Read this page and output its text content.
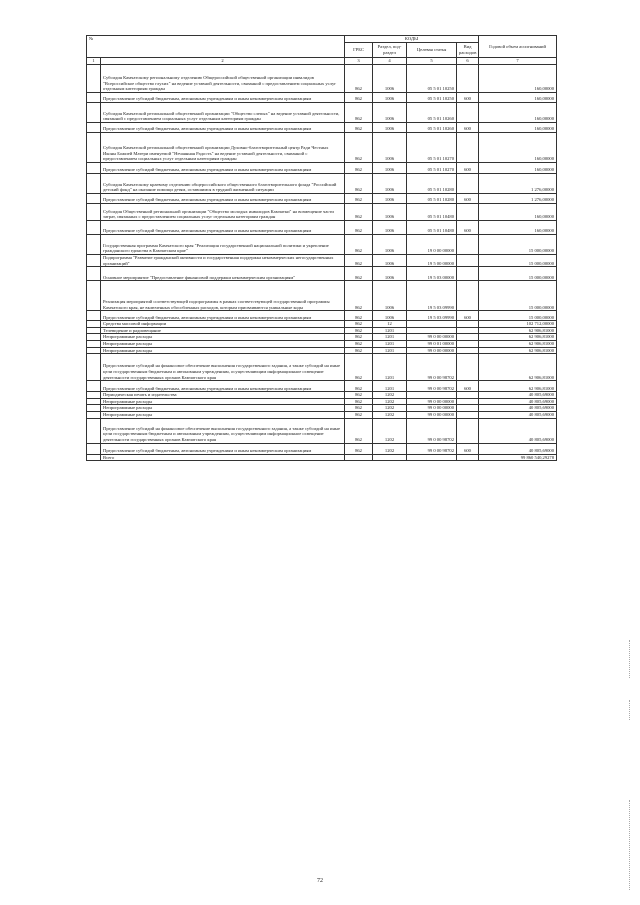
№		КОДЫ				Годовой объем ассигнований
		ГРБС	Раздел, под-раздел	Целевая статья	Вид расходов	
1	2	3	4	5	6	7
	Субсидия Камчатскому региональному отделению Общероссийской общественной организации инвалидов "Всероссийское общество глухих" на ведение уставной деятельности, связанной с предоставлением социальных услуг отдельным категориям граждан	862	1006	05 5 01 10250		160,00000
	Предоставление субсидий бюджетным, автономным учреждениям и иным некоммерческим организациям	862	1006	05 5 01 10250	600	160,00000
	Субсидия Камчатской региональной общественной организации "Общество слепых" на ведение уставной деятельности, связанной с предоставлением социальных услуг отдельным категориям граждан	862	1006	05 5 01 10260		160,00000
	Предоставление субсидий бюджетным, автономным учреждениям и иным некоммерческим организациям	862	1006	05 5 01 10260	600	160,00000
	Субсидия Камчатской региональной общественной организации Духовно-благотворительный центр Ради Честных Иконы Божией Матери именуемой "Нечаянная Радость" на ведение уставной деятельности, связанной с предоставлением социальных услуг отдельным категориям граждан	862	1006	05 5 01 10270		160,00000
	Предоставление субсидий бюджетным, автономным учреждениям и иным некоммерческим организациям	862	1006	05 5 01 10270	600	160,00000
	Субсидия Камчатскому краевому отделению общероссийского общественного благотворительного фонда "Российский детский фонд" на оказание помощи детям, оставшимся в трудной жизненной ситуации	862	1006	05 5 01 10280		1 276,00000
	Предоставление субсидий бюджетным, автономным учреждениям и иным некоммерческим организациям	862	1006	05 5 01 10280	600	1 276,00000
	Субсидия Общественной региональной организации "Общество молодых инвалидов Камчатки" на возмещение части затрат, связанных с предоставлением социальных услуг отдельным категориям граждан	862	1006	05 5 01 10480		160,00000
	Предоставление субсидий бюджетным, автономным учреждениям и иным некоммерческим организациям	862	1006	05 5 01 10480	600	160,00000
	Государственная программа Камчатского края "Реализация государственной национальной политики и укрепление гражданского единства в Камчатском крае"	862	1006	19 0 00 00000		15 000,00000
	Подпрограмма "Развитие гражданской активности и государственная поддержка некоммерческих негосударственных организаций"	862	1006	19 5 00 00000		15 000,00000
	Основное мероприятие "Предоставление финансовой поддержки некоммерческим организациям"	862	1006	19 5 03 00000		15 000,00000
	Реализация мероприятий соответствующей подпрограммы в рамках соответствующей государственной программы Камчатского края, не включенных обособленных расходов, которым присваиваются уникальные коды	862	1006	19 5 03 09990		15 000,00000
	Предоставление субсидий бюджетным, автономным учреждениям и иным некоммерческим организациям	862	1006	19 5 03 09990	600	15 000,00000
	Средства массовой информации	862	12			102 712,00000
	Телевидение и радиовещание	862	1201			62 906,81000
	Непрограммные расходы	862	1201	99 0 00 00000		62 906,81000
	Непрограммные расходы	862	1201	99 0 01 00000		62 906,81000
	Непрограммные расходы	862	1201	99 0 00 00000		62 906,81000
	Предоставление субсидий на финансовое обеспечение выполнения государственного задания, а также субсидий на иные цели государственным бюджетным и автономным учреждениям, осуществляющим информационное освещение деятельности государственных органов Камчатского края	862	1201	99 0 00 98702		62 906,81000
	Предоставление субсидий бюджетным, автономным учреждениям и иным некоммерческим организациям	862	1201	99 0 00 98702	600	62 906,81000
	Периодическая печать и издательства	862	1202			40 805,69000
	Непрограммные расходы	862	1202	99 0 00 00000		40 805,69000
	Непрограммные расходы	862	1202	99 0 00 00000		40 805,69000
	Непрограммные расходы	862	1202	99 0 00 00000		40 805,69000
	Предоставление субсидий на финансовое обеспечение выполнения государственного задания, а также субсидий на иные цели государственным бюджетным и автономным учреждениям, осуществляющим информационное освещение деятельности государственных органов Камчатского края	862	1202	99 0 00 98702		40 805,69000
	Предоставление субсидий бюджетным, автономным учреждениям и иным некоммерческим организациям	862	1202	99 0 00 98702	600	40 805,69000
	Всего					99 860 540,29278
72
